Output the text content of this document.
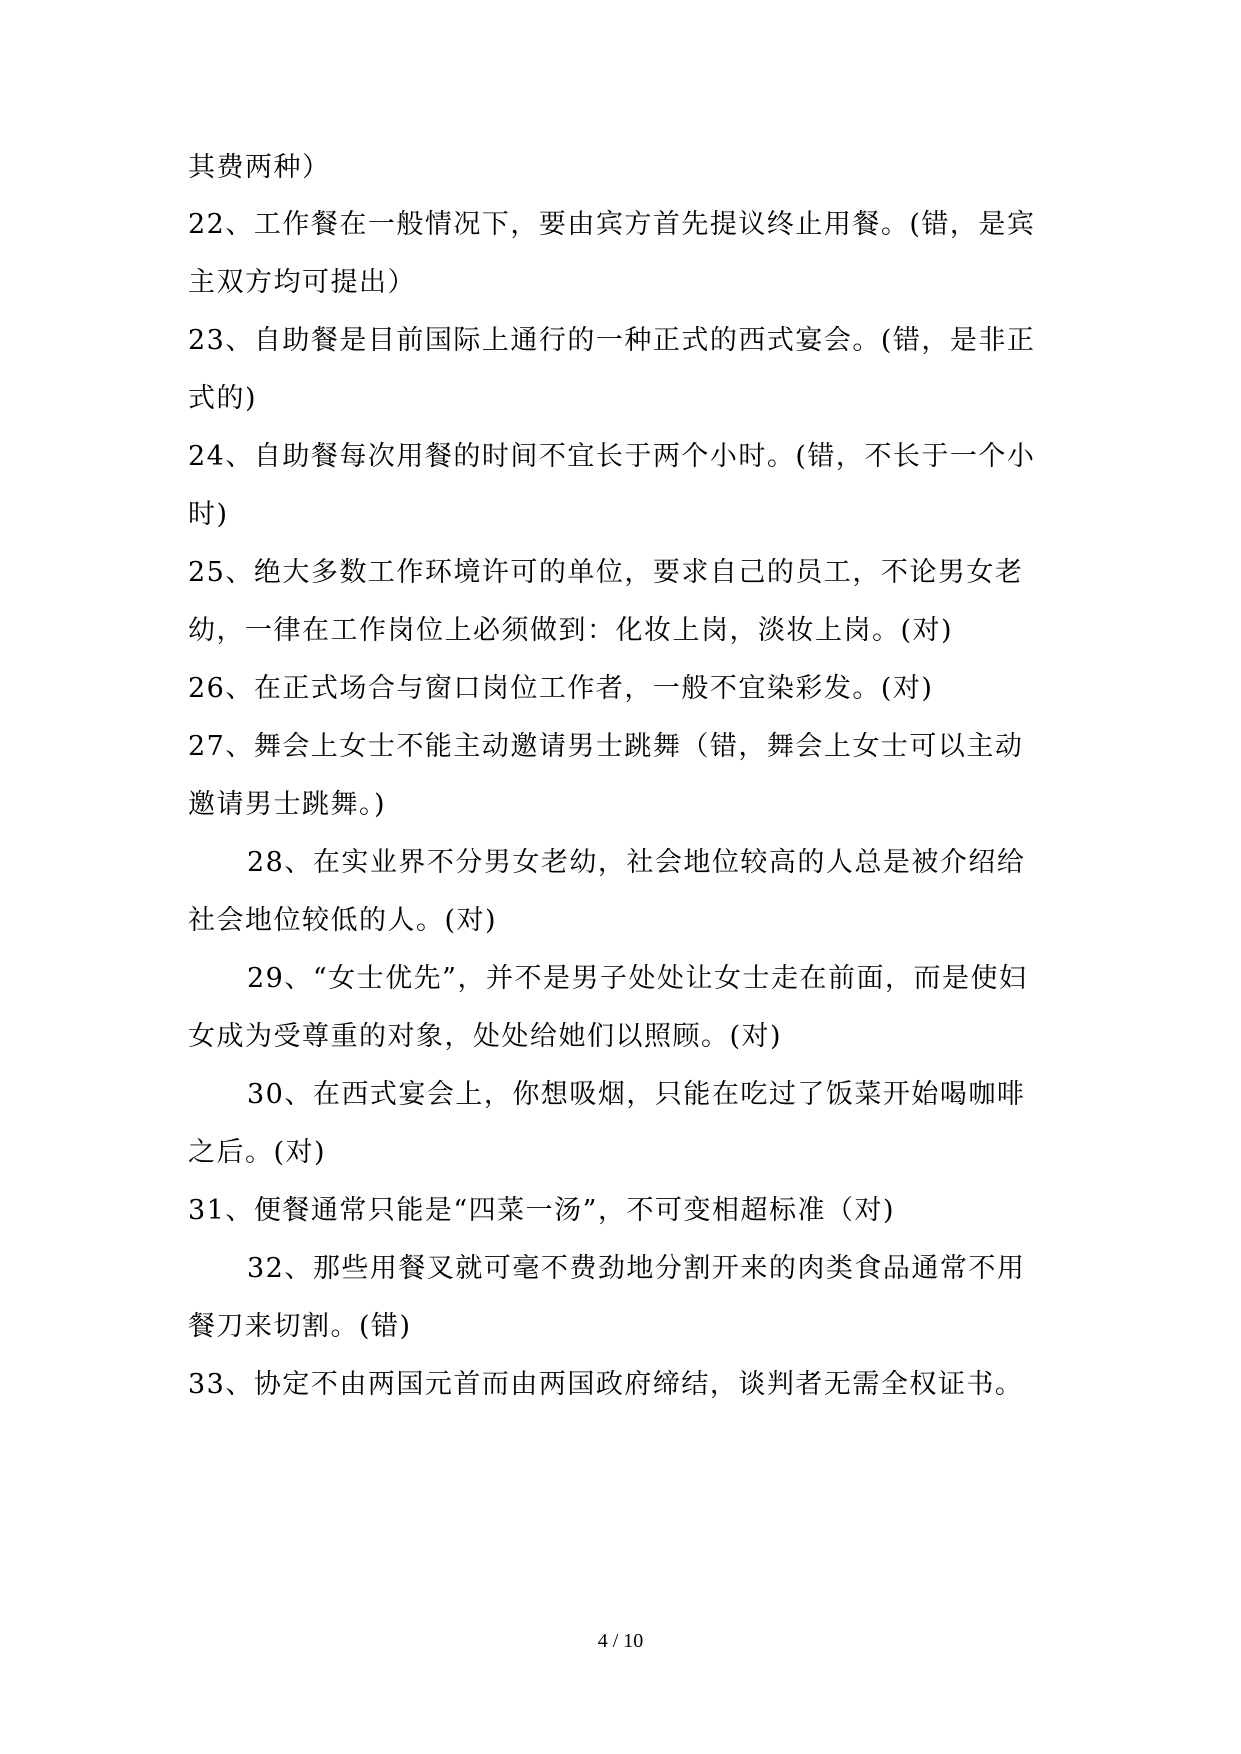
其费两种）
22、工作餐在一般情况下，要由宾方首先提议终止用餐。(错，是宾
主双方均可提出）
23、自助餐是目前国际上通行的一种正式的西式宴会。(错，是非正
式的)
24、自助餐每次用餐的时间不宜长于两个小时。(错，不长于一个小
时)
25、绝大多数工作环境许可的单位，要求自己的员工，不论男女老
幼，一律在工作岗位上必须做到：化妆上岗，淡妆上岗。(对)
26、在正式场合与窗口岗位工作者，一般不宜染彩发。(对)
27、舞会上女士不能主动邀请男士跳舞（错，舞会上女士可以主动
邀请男士跳舞。)
28、在实业界不分男女老幼，社会地位较高的人总是被介绍给
社会地位较低的人。(对)
29、“女士优先”，并不是男子处处让女士走在前面，而是使妇
女成为受尊重的对象，处处给她们以照顾。(对)
30、在西式宴会上，你想吸烟，只能在吃过了饭菜开始喝咖啡
之后。(对)
31、便餐通常只能是“四菜一汤”，不可变相超标准（对)
32、那些用餐叉就可毫不费劲地分割开来的肉类食品通常不用
餐刀来切割。(错)
33、协定不由两国元首而由两国政府缔结，谈判者无需全权证书。
4 / 10
